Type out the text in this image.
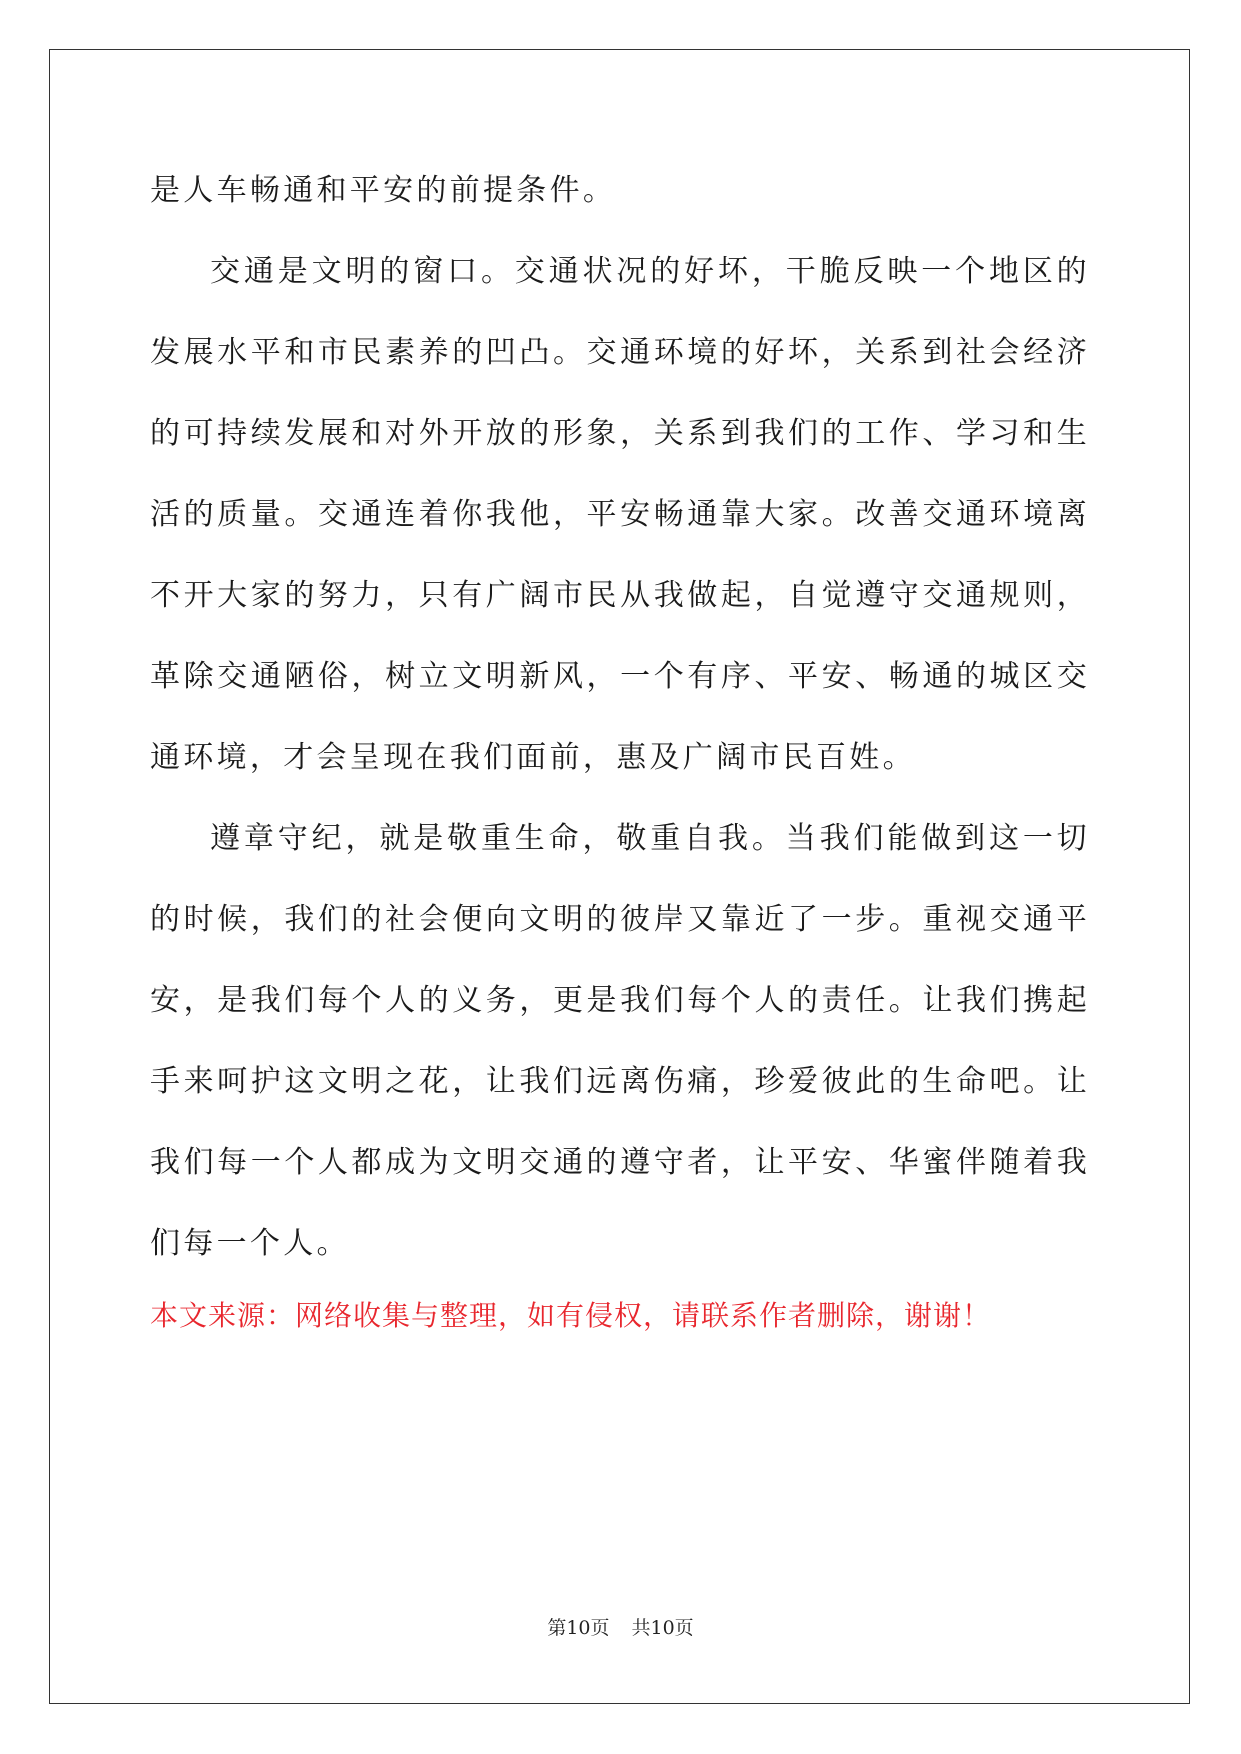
是人车畅通和平安的前提条件。

交通是文明的窗口。交通状况的好坏，干脆反映一个地区的发展水平和市民素养的凹凸。交通环境的好坏，关系到社会经济的可持续发展和对外开放的形象，关系到我们的工作、学习和生活的质量。交通连着你我他，平安畅通靠大家。改善交通环境离不开大家的努力，只有广阔市民从我做起，自觉遵守交通规则，革除交通陋俗，树立文明新风，一个有序、平安、畅通的城区交通环境，才会呈现在我们面前，惠及广阔市民百姓。

遵章守纪，就是敬重生命，敬重自我。当我们能做到这一切的时候，我们的社会便向文明的彼岸又靠近了一步。重视交通平安，是我们每个人的义务，更是我们每个人的责任。让我们携起手来呵护这文明之花，让我们远离伤痛，珍爱彼此的生命吧。让我们每一个人都成为文明交通的遵守者，让平安、华蜜伴随着我们每一个人。

本文来源：网络收集与整理，如有侵权，请联系作者删除，谢谢！

第10页 共10页
